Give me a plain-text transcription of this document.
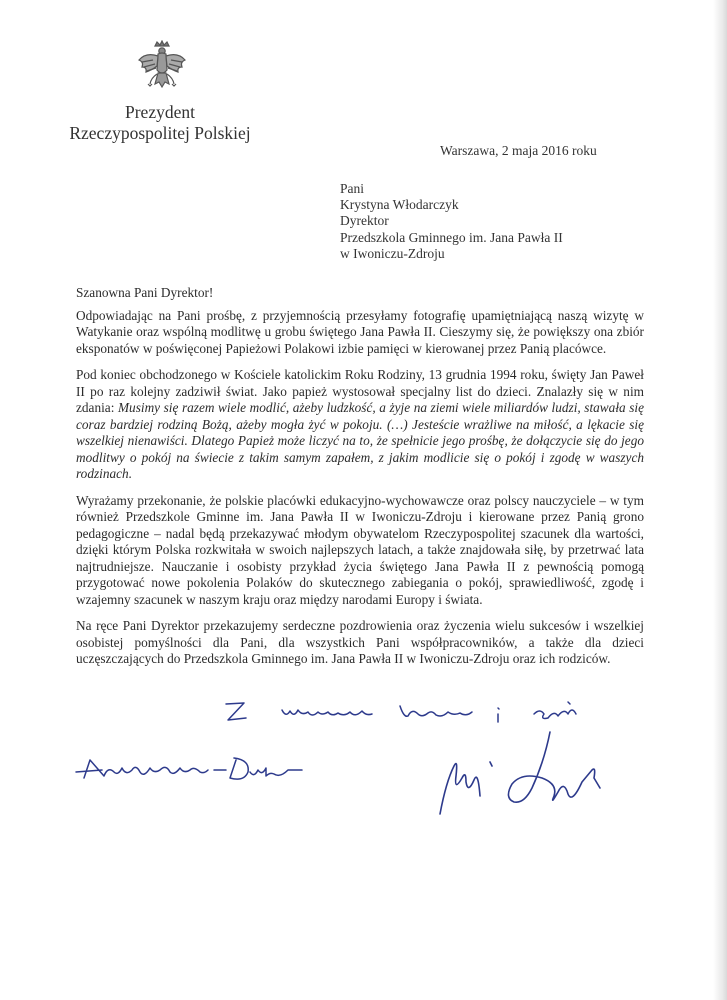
Prezydent
Rzeczypospolitej Polskiej
Warszawa, 2 maja 2016 roku
Pani
Krystyna Włodarczyk
Dyrektor
Przedszkola Gminnego im. Jana Pawła II
w Iwoniczu-Zdroju

Szanowna Pani Dyrektor!

Odpowiadając na Pani prośbę, z przyjemnością przesyłamy fotografię upamiętniającą naszą wizytę w Watykanie oraz wspólną modlitwę u grobu świętego Jana Pawła II. Cieszymy się, że powiększy ona zbiór eksponatów w poświęconej Papieżowi Polakowi izbie pamięci w kierowanej przez Panią placówce.

Pod koniec obchodzonego w Kościele katolickim Roku Rodziny, 13 grudnia 1994 roku, święty Jan Paweł II po raz kolejny zadziwił świat. Jako papież wystosował specjalny list do dzieci. Znalazły się w nim zdania: Musimy się razem wiele modlić, ażeby ludzkość, a żyje na ziemi wiele miliardów ludzi, stawała się coraz bardziej rodziną Bożą, ażeby mogła żyć w pokoju. (…) Jesteście wrażliwe na miłość, a lękacie się wszelkiej nienawiści. Dlatego Papież może liczyć na to, że spełnicie jego prośbę, że dołączycie się do jego modlitwy o pokój na świecie z takim samym zapałem, z jakim modlicie się o pokój i zgodę w waszych rodzinach.

Wyrażamy przekonanie, że polskie placówki edukacyjno-wychowawcze oraz polscy nauczyciele – w tym również Przedszkole Gminne im. Jana Pawła II w Iwoniczu-Zdroju i kierowane przez Panią grono pedagogiczne – nadal będą przekazywać młodym obywatelom Rzeczypospolitej szacunek dla wartości, dzięki którym Polska rozkwitała w swoich najlepszych latach, a także znajdowała siłę, by przetrwać lata najtrudniejsze. Nauczanie i osobisty przykład życia świętego Jana Pawła II z pewnością pomogą przygotować nowe pokolenia Polaków do skutecznego zabiegania o pokój, sprawiedliwość, zgodę i wzajemny szacunek w naszym kraju oraz między narodami Europy i świata.

Na ręce Pani Dyrektor przekazujemy serdeczne pozdrowienia oraz życzenia wielu sukcesów i wszelkiej osobistej pomyślności dla Pani, dla wszystkich Pani współpracowników, a także dla dzieci uczęszczających do Przedszkola Gminnego im. Jana Pawła II w Iwoniczu-Zdroju oraz ich rodziców.
